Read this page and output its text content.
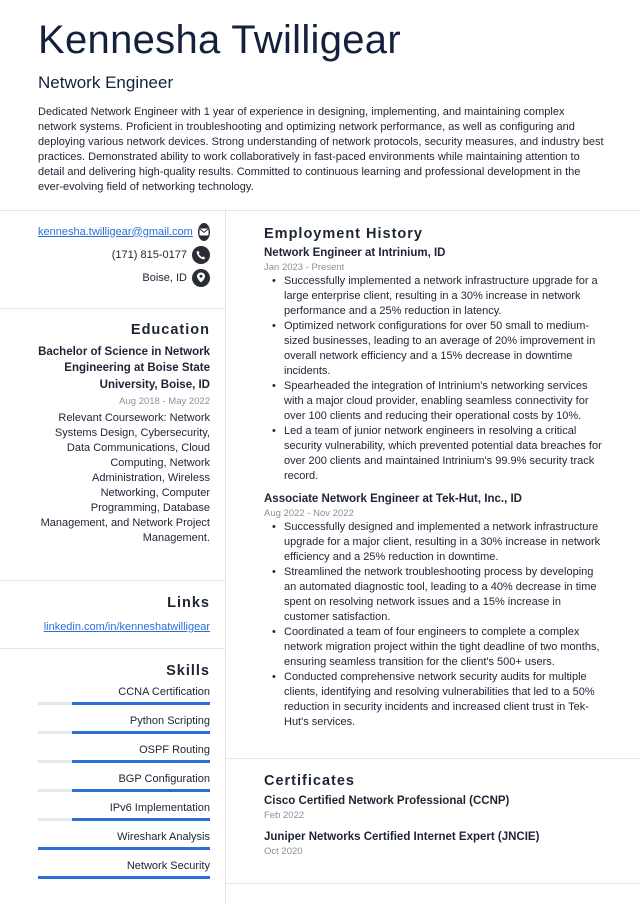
Kennesha Twilligear
Network Engineer

Dedicated Network Engineer with 1 year of experience in designing, implementing, and maintaining complex network systems. Proficient in troubleshooting and optimizing network performance, as well as configuring and deploying various network devices. Strong understanding of network protocols, security measures, and industry best practices. Demonstrated ability to work collaboratively in fast-paced environments while maintaining attention to detail and delivering high-quality results. Committed to continuous learning and professional development in the ever-evolving field of networking technology.

kennesha.twilligear@gmail.com
(171) 815-0177
Boise, ID
Education
Bachelor of Science in Network Engineering at Boise State University, Boise, ID
Aug 2018 - May 2022
Relevant Coursework: Network Systems Design, Cybersecurity, Data Communications, Cloud Computing, Network Administration, Wireless Networking, Computer Programming, Database Management, and Network Project Management.
Links
linkedin.com/in/kenneshatwilligear
Skills
CCNA Certification
Python Scripting
OSPF Routing
BGP Configuration
IPv6 Implementation
Wireshark Analysis
Network Security
Employment History
Network Engineer at Intrinium, ID
Jan 2023 - Present
• Successfully implemented a network infrastructure upgrade for a large enterprise client, resulting in a 30% increase in network performance and a 25% reduction in latency.
• Optimized network configurations for over 50 small to medium-sized businesses, leading to an average of 20% improvement in overall network efficiency and a 15% decrease in downtime incidents.
• Spearheaded the integration of Intrinium's networking services with a major cloud provider, enabling seamless connectivity for over 100 clients and reducing their operational costs by 10%.
• Led a team of junior network engineers in resolving a critical security vulnerability, which prevented potential data breaches for over 200 clients and maintained Intrinium's 99.9% security track record.
Associate Network Engineer at Tek-Hut, Inc., ID
Aug 2022 - Nov 2022
• Successfully designed and implemented a network infrastructure upgrade for a major client, resulting in a 30% increase in network efficiency and a 25% reduction in downtime.
• Streamlined the network troubleshooting process by developing an automated diagnostic tool, leading to a 40% decrease in time spent on resolving network issues and a 15% increase in customer satisfaction.
• Coordinated a team of four engineers to complete a complex network migration project within the tight deadline of two months, ensuring seamless transition for the client's 500+ users.
• Conducted comprehensive network security audits for multiple clients, identifying and resolving vulnerabilities that led to a 50% reduction in security incidents and increased client trust in Tek-Hut's services.
Certificates
Cisco Certified Network Professional (CCNP)
Feb 2022
Juniper Networks Certified Internet Expert (JNCIE)
Oct 2020
